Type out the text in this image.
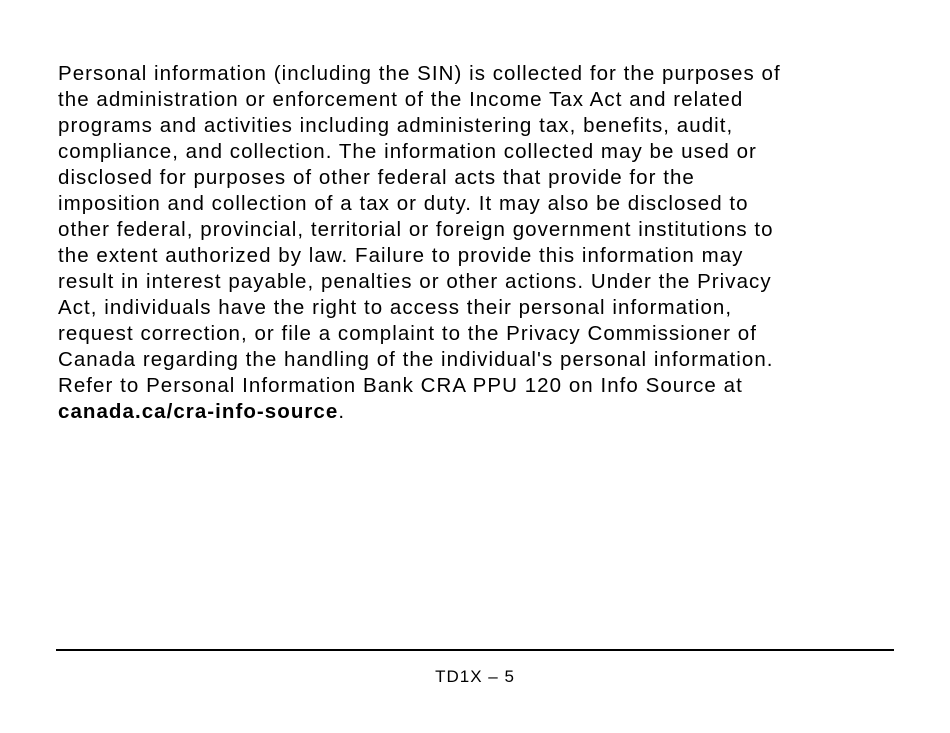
Personal information (including the SIN) is collected for the purposes of
the administration or enforcement of the Income Tax Act and related
programs and activities including administering tax, benefits, audit,
compliance, and collection. The information collected may be used or
disclosed for purposes of other federal acts that provide for the
imposition and collection of a tax or duty. It may also be disclosed to
other federal, provincial, territorial or foreign government institutions to
the extent authorized by law. Failure to provide this information may
result in interest payable, penalties or other actions. Under the Privacy
Act, individuals have the right to access their personal information,
request correction, or file a complaint to the Privacy Commissioner of
Canada regarding the handling of the individual's personal information.
Refer to Personal Information Bank CRA PPU 120 on Info Source at
canada.ca/cra-info-source.

TD1X – 5
